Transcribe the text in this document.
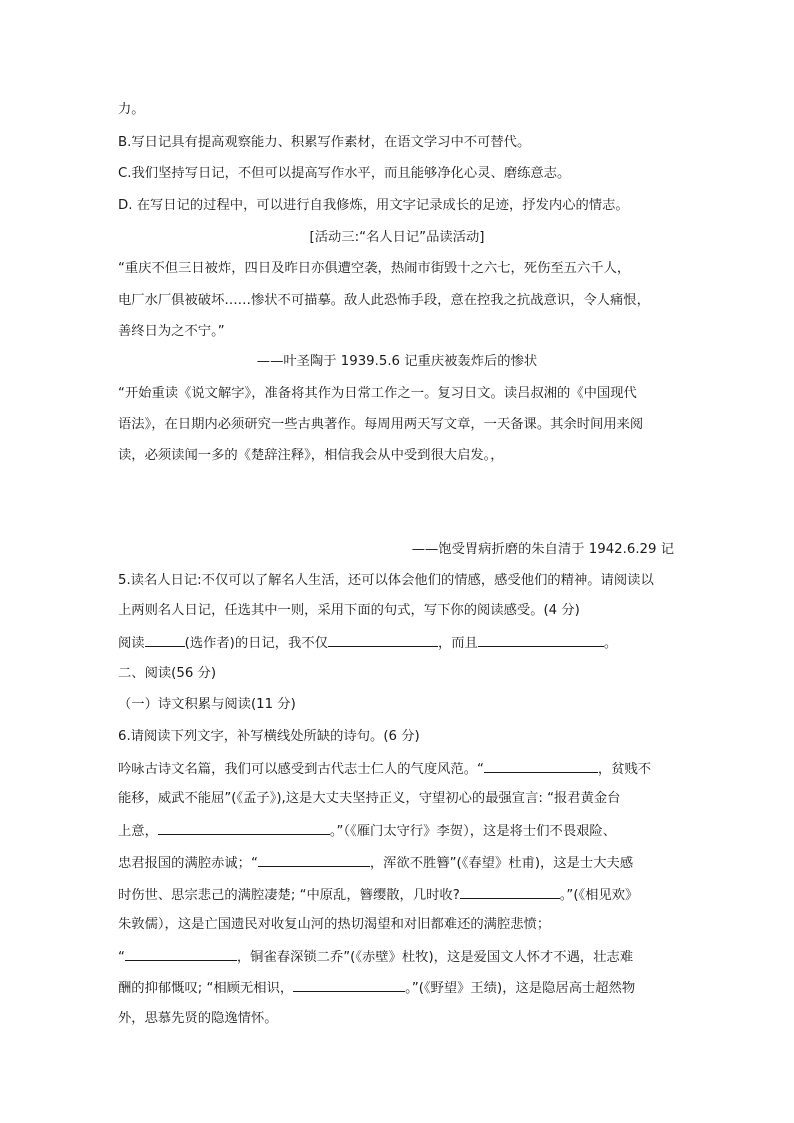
力。

B.写日记具有提高观察能力、积累写作素材，在语文学习中不可替代。

C.我们坚持写日记，不但可以提高写作水平，而且能够净化心灵、磨练意志。

D. 在写日记的过程中，可以进行自我修炼，用文字记录成长的足迹，抒发内心的情志。

[活动三:“名人日记”品读活动]

“重庆不但三日被炸，四日及昨日亦俱遭空袭，热闹市街毁十之六七，死伤至五六千人，

电厂水厂俱被破坏……惨状不可描摹。敌人此恐怖手段，意在控我之抗战意识，令人痛恨，

善终日为之不宁。”

——叶圣陶于 1939.5.6 记重庆被轰炸后的惨状

“开始重读《说文解字》，准备将其作为日常工作之一。复习日文。读吕叔湘的《中国现代

语法》，在日期内必须研究一些古典著作。每周用两天写文章，一天备课。其余时间用来阅

读，必须读闻一多的《楚辞注释》，相信我会从中受到很大启发。，

——饱受胃病折磨的朱自清于 1942.6.29 记

5.读名人日记:不仅可以了解名人生活，还可以体会他们的情感，感受他们的精神。请阅读以

上两则名人日记，任选其中一则，采用下面的句式，写下你的阅读感受。(4 分)

阅读	(选作者)的日记，我不仅	，而且	。

二、阅读(56 分)

（一）诗文积累与阅读(11 分)

6.请阅读下列文字，补写横线处所缺的诗句。(6 分)

吟咏古诗文名篇，我们可以感受到古代志士仁人的气度风范。“	，贫贱不

能移，威武不能屈”(《孟子》),这是大丈夫坚持正义，守望初心的最强宣言: “报君黄金台

上意，	。”（《雁门太守行》李贺），这是将士们不畏艰险、

忠君报国的满腔赤诚；“	，浑欲不胜簪”(《春望》杜甫)，这是士大夫感

时伤世、思宗悲己的满腔凄楚; “中原乱，簪缨散，几时收?	。”(《相见欢》

朱敦儒），这是亡国遗民对收复山河的热切渴望和对旧都难还的满腔悲愤；

“	，铜雀春深锁二乔”(《赤壁》杜牧)，这是爱国文人怀才不遇，壮志难

酬的抑郁慨叹; “相顾无相识，	。”(《野望》王绩)，这是隐居高士超然物

外，思慕先贤的隐逸情怀。
